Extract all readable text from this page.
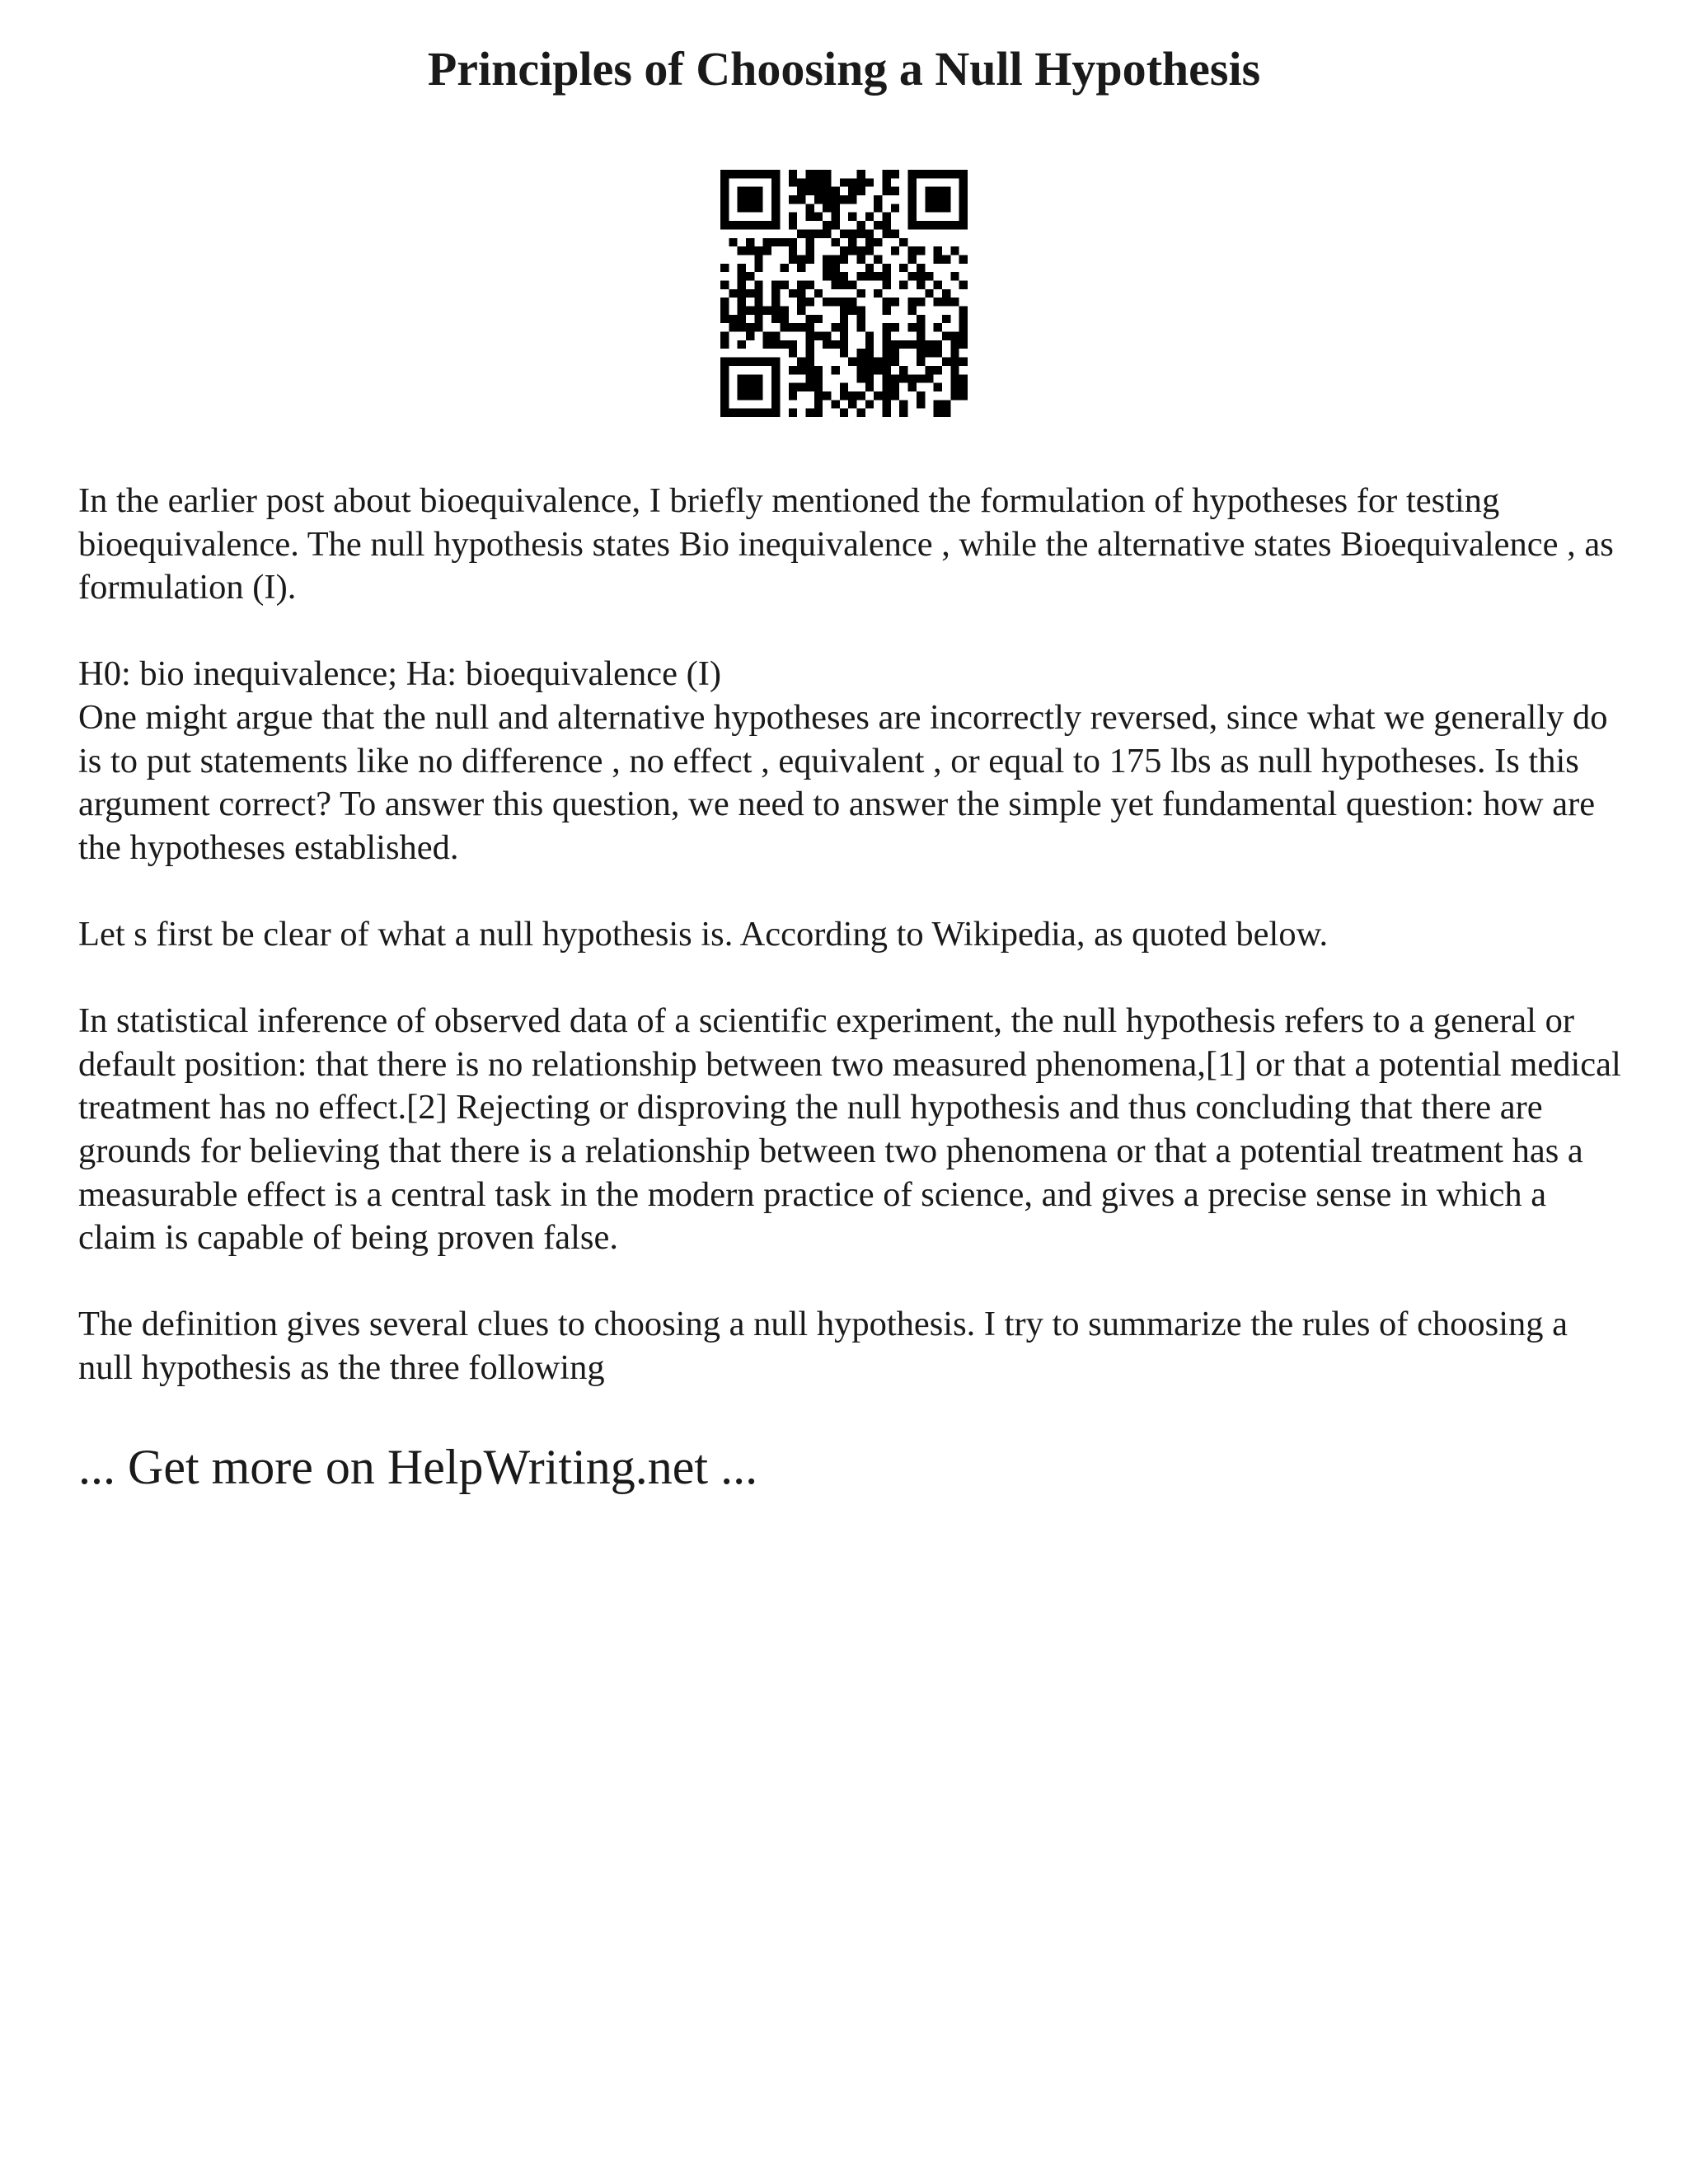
Principles of Choosing a Null Hypothesis

In the earlier post about bioequivalence, I briefly mentioned the formulation of hypotheses for testing bioequivalence. The null hypothesis states Bio inequivalence , while the alternative states Bioequivalence , as formulation (I).

H0: bio inequivalence; Ha: bioequivalence (I)

One might argue that the null and alternative hypotheses are incorrectly reversed, since what we generally do is to put statements like no difference , no effect , equivalent , or equal to 175 lbs as null hypotheses. Is this argument correct? To answer this question, we need to answer the simple yet fundamental question: how are the hypotheses established.

Let s first be clear of what a null hypothesis is. According to Wikipedia, as quoted below.

In statistical inference of observed data of a scientific experiment, the null hypothesis refers to a general or default position: that there is no relationship between two measured phenomena,[1] or that a potential medical treatment has no effect.[2] Rejecting or disproving the null hypothesis and thus concluding that there are grounds for believing that there is a relationship between two phenomena or that a potential treatment has a measurable effect is a central task in the modern practice of science, and gives a precise sense in which a claim is capable of being proven false.

The definition gives several clues to choosing a null hypothesis. I try to summarize the rules of choosing a null hypothesis as the three following

... Get more on HelpWriting.net ...
